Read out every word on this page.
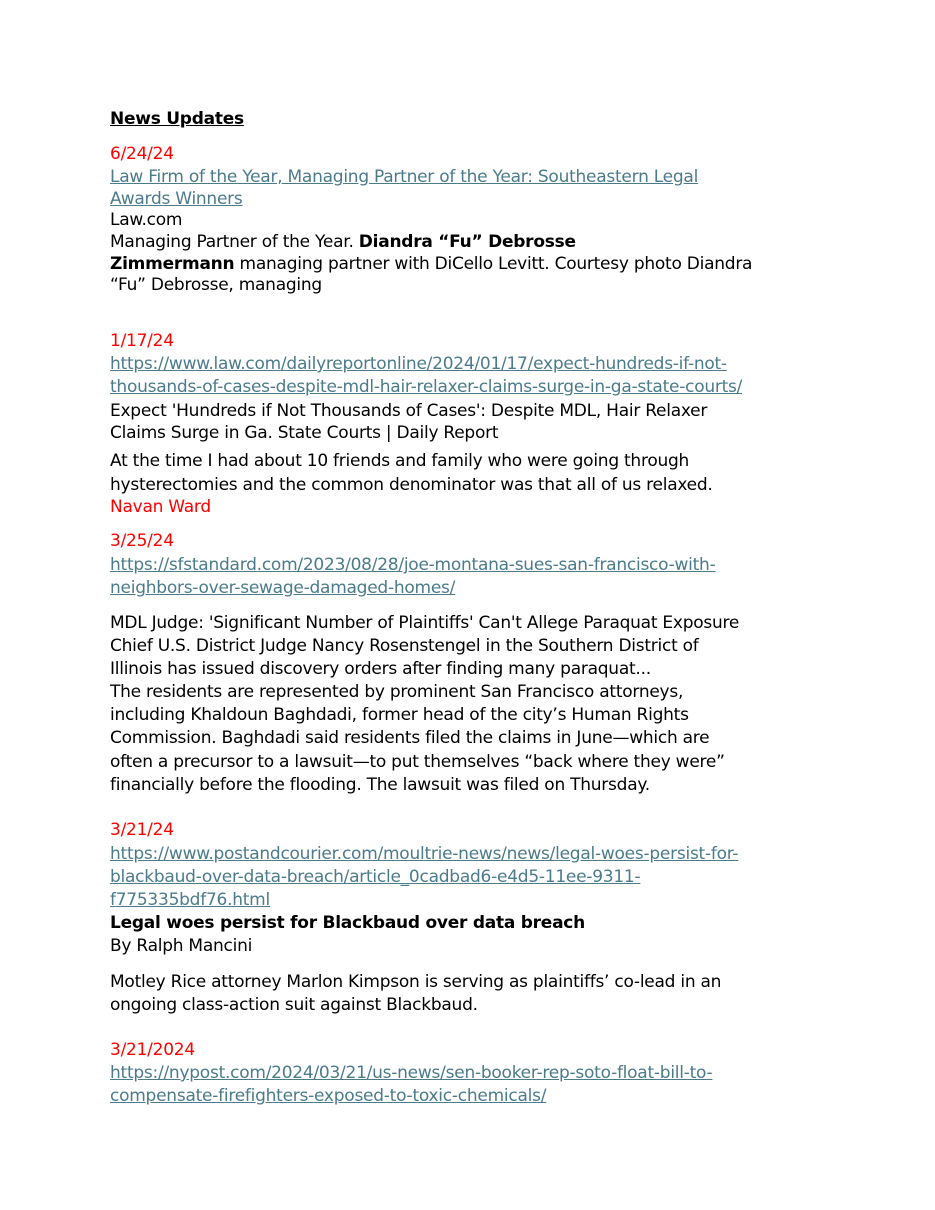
News Updates
6/24/24
Law Firm of the Year, Managing Partner of the Year: Southeastern Legal
Awards Winners
Law.com
Managing Partner of the Year. Diandra “Fu” Debrosse
Zimmermann managing partner with DiCello Levitt. Courtesy photo Diandra
“Fu” Debrosse, managing
1/17/24
https://www.law.com/dailyreportonline/2024/01/17/expect-hundreds-if-not-
thousands-of-cases-despite-mdl-hair-relaxer-claims-surge-in-ga-state-courts/
Expect 'Hundreds if Not Thousands of Cases': Despite MDL, Hair Relaxer
Claims Surge in Ga. State Courts | Daily Report
At the time I had about 10 friends and family who were going through
hysterectomies and the common denominator was that all of us relaxed.
Navan Ward
3/25/24
https://sfstandard.com/2023/08/28/joe-montana-sues-san-francisco-with-
neighbors-over-sewage-damaged-homes/
MDL Judge: 'Significant Number of Plaintiffs' Can't Allege Paraquat Exposure
Chief U.S. District Judge Nancy Rosenstengel in the Southern District of
Illinois has issued discovery orders after finding many paraquat...
The residents are represented by prominent San Francisco attorneys,
including Khaldoun Baghdadi, former head of the city’s Human Rights
Commission. Baghdadi said residents filed the claims in June—which are
often a precursor to a lawsuit—to put themselves “back where they were”
financially before the flooding. The lawsuit was filed on Thursday.
3/21/24
https://www.postandcourier.com/moultrie-news/news/legal-woes-persist-for-
blackbaud-over-data-breach/article_0cadbad6-e4d5-11ee-9311-
f775335bdf76.html
Legal woes persist for Blackbaud over data breach
By Ralph Mancini
Motley Rice attorney Marlon Kimpson is serving as plaintiffs’ co-lead in an
ongoing class-action suit against Blackbaud.
3/21/2024
https://nypost.com/2024/03/21/us-news/sen-booker-rep-soto-float-bill-to-
compensate-firefighters-exposed-to-toxic-chemicals/
